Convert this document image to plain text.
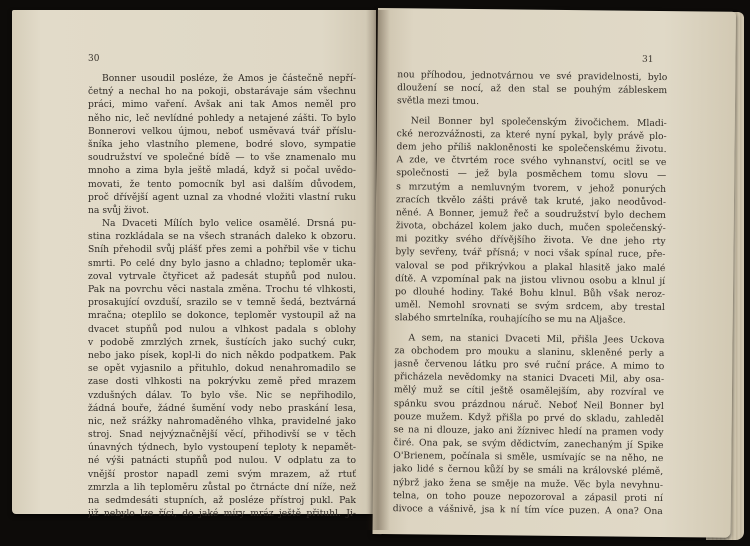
30
Bonner usoudil posléze, že Amos je částečně nepří-
četný a nechal ho na pokoji, obstarávaje sám všechnu
práci, mimo vaření. Avšak ani tak Amos neměl pro
něho nic, leč nevlídné pohledy a netajené zášti. To bylo
Bonnerovi velkou újmou, neboť usměvavá tvář příslu-
šníka jeho vlastního plemene, bodré slovo, sympatie
soudružství ve společné bídě — to vše znamenalo mu
mnoho a zima byla ještě mladá, když si počal uvědo-
movati, že tento pomocník byl asi dalším důvodem,
proč dřívější agent uznal za vhodné vložiti vlastní ruku
na svůj život.
Na Dvaceti Mílích bylo velice osamělé. Drsná pu-
stina rozkládala se na všech stranách daleko k obzoru.
Sníh přehodil svůj plášť přes zemi a pohřbil vše v tichu
smrti. Po celé dny bylo jasno a chladno; teploměr uka-
zoval vytrvale čtyřicet až padesát stupňů pod nulou.
Pak na povrchu věci nastala změna. Trochu té vlhkosti,
prosakující ovzduší, srazilo se v temně šedá, beztvárná
mračna; oteplilo se dokonce, teploměr vystoupil až na
dvacet stupňů pod nulou a vlhkost padala s oblohy
v podobě zmrzlých zrnek, šustících jako suchý cukr,
nebo jako písek, kopl-li do nich někdo podpatkem. Pak
se opět vyjasnilo a přituhlo, dokud nenahromadilo se
zase dosti vlhkosti na pokrývku země před mrazem
vzdušných dálav. To bylo vše. Nic se nepřihodilo,
žádná bouře, žádné šumění vody nebo praskání lesa,
nic, než srážky nahromaděného vlhka, pravidelné jako
stroj. Snad nejvýznačnější věcí, přihodivší se v těch
únavných týdnech, bylo vystoupení teploty k nepamět-
né výši patnácti stupňů pod nulou. V odplatu za to
vnější prostor napadl zemi svým mrazem, až rtuť
zmrzla a lih teploměru zůstal po čtrnácte dní níže, než
na sedmdesáti stupních, až posléze přístroj pukl. Pak
již nebylo lze říci, do jaké míry mráz ještě přituhl. Ji-
31
nou příhodou, jednotvárnou ve své pravidelnosti, bylo
dloužení se nocí, až den stal se pouhým zábleskem
světla mezi tmou.
Neil Bonner byl společenským živočichem. Mladi-
cké nerozvážnosti, za které nyní pykal, byly právě plo-
dem jeho příliš nakloněnosti ke společenskému životu.
A zde, ve čtvrtém roce svého vyhnanství, ocitl se ve
společnosti — jež byla posměchem tomu slovu —
s mrzutým a nemluvným tvorem, v jehož ponurých
zracích tkvělo zášti právě tak kruté, jako neodůvod-
něné. A Bonner, jemuž řeč a soudružství bylo dechem
života, obcházel kolem jako duch, mučen společenský-
mi pozitky svého dřívějšího života. Ve dne jeho rty
byly sevřeny, tvář přísná; v noci však spínal ruce, pře-
valoval se pod přikrývkou a plakal hlasitě jako malé
dítě. A vzpomínal pak na jistou vlivnou osobu a klnul jí
po dlouhé hodiny. Také Bohu klnul. Bůh však neroz-
uměl. Nemohl srovnati se svým srdcem, aby trestal
slabého smrtelníka, rouhajícího se mu na Aljašce.
A sem, na stanici Dvaceti Mil, přišla Jees Uckova
za obchodem pro mouku a slaninu, skleněné perly a
jasně červenou látku pro své ruční práce. A mimo to
přicházela nevědomky na stanici Dvaceti Mil, aby osa-
mělý muž se cítil ještě osamělejším, aby rozvíral ve
spánku svou prázdnou náruč. Neboť Neil Bonner byl
pouze mužem. Když přišla po prvé do skladu, zahleděl
se na ni dlouze, jako ani žíznivec hledí na pramen vody
čiré. Ona pak, se svým dědictvím, zanechaným jí Spike
O'Brienem, počínala si směle, usmívajíc se na něho, ne
jako lidé s černou kůží by se smáli na královské plémě,
nýbrž jako žena se směje na muže. Věc byla nevyhnu-
telna, on toho pouze nepozoroval a zápasil proti ní
divoce a vášnivě, jsa k ní tím více puzen. A ona? Ona
